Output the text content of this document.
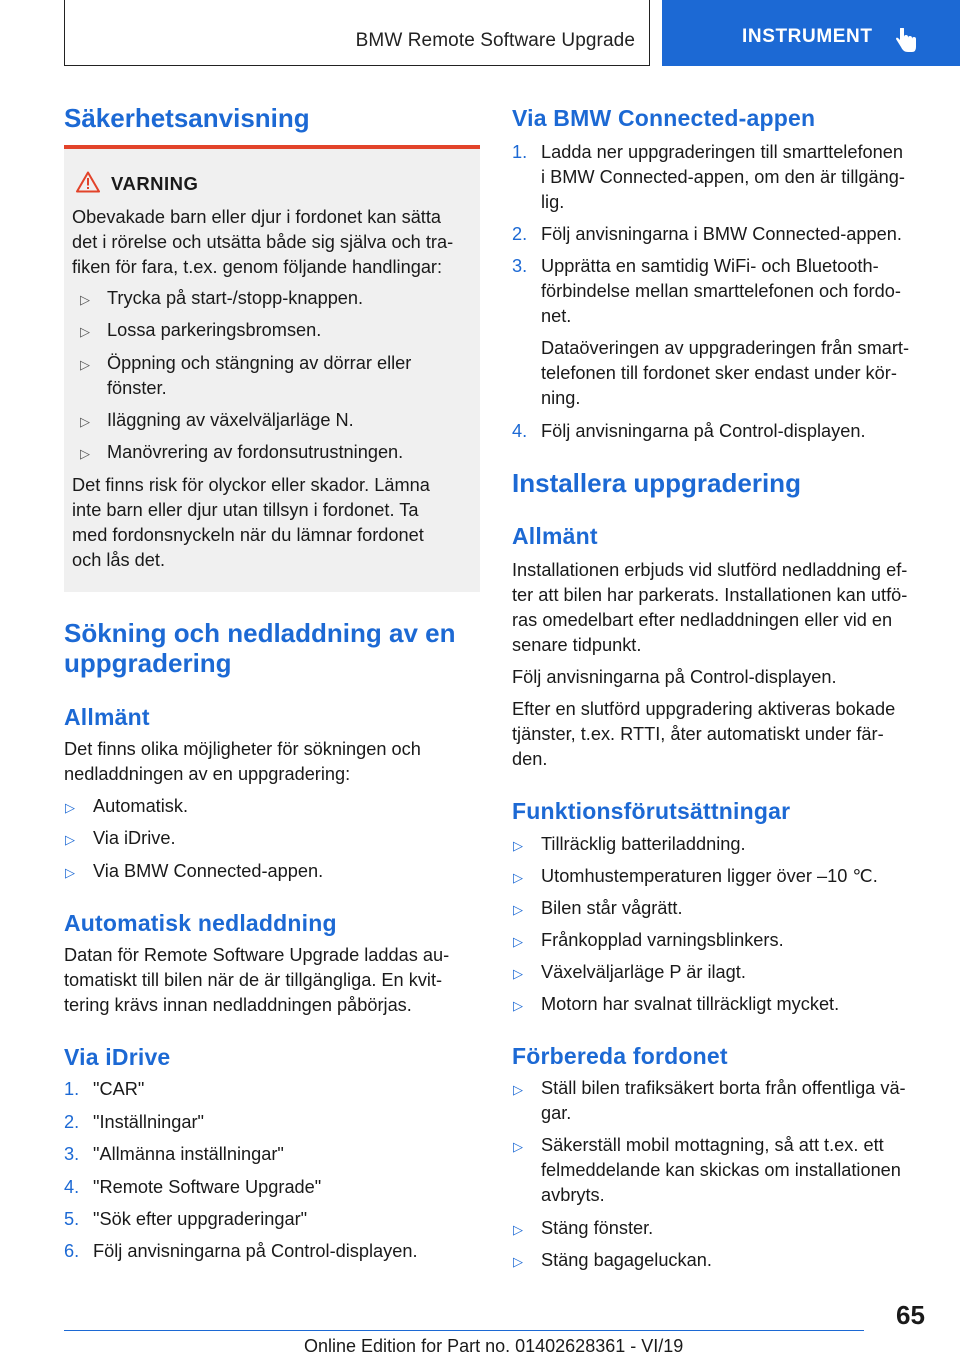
BMW Remote Software Upgrade	INSTRUMENT
Säkerhetsanvisning
VARNING
Obevakade barn eller djur i fordonet kan sätta
det i rörelse och utsätta både sig själva och tra-
fiken för fara, t.ex. genom följande handlingar:
▷ Trycka på start-/stopp-knappen.
▷ Lossa parkeringsbromsen.
▷ Öppning och stängning av dörrar eller
fönster.
▷ Iläggning av växelväljarläge N.
▷ Manövrering av fordonsutrustningen.
Det finns risk för olyckor eller skador. Lämna
inte barn eller djur utan tillsyn i fordonet. Ta
med fordonsnyckeln när du lämnar fordonet
och lås det.
Sökning och nedladdning av en
uppgradering
Allmänt
Det finns olika möjligheter för sökningen och
nedladdningen av en uppgradering:
▷ Automatisk.
▷ Via iDrive.
▷ Via BMW Connected-appen.
Automatisk nedladdning
Datan för Remote Software Upgrade laddas au-
tomatiskt till bilen när de är tillgängliga. En kvit-
tering krävs innan nedladdningen påbörjas.
Via iDrive
1. "CAR"
2. "Inställningar"
3. "Allmänna inställningar"
4. "Remote Software Upgrade"
5. "Sök efter uppgraderingar"
6. Följ anvisningarna på Control-displayen.
Via BMW Connected-appen
1. Ladda ner uppgraderingen till smarttelefonen
i BMW Connected-appen, om den är tillgäng-
lig.
2. Följ anvisningarna i BMW Connected-appen.
3. Upprätta en samtidig WiFi- och Bluetooth-
förbindelse mellan smarttelefonen och fordo-
net.
Dataöveringen av uppgraderingen från smart-
telefonen till fordonet sker endast under kör-
ning.
4. Följ anvisningarna på Control-displayen.
Installera uppgradering
Allmänt
Installationen erbjuds vid slutförd nedladdning ef-
ter att bilen har parkerats. Installationen kan utfö-
ras omedelbart efter nedladdningen eller vid en
senare tidpunkt.
Följ anvisningarna på Control-displayen.
Efter en slutförd uppgradering aktiveras bokade
tjänster, t.ex. RTTI, åter automatiskt under fär-
den.
Funktionsförutsättningar
▷ Tillräcklig batteriladdning.
▷ Utomhustemperaturen ligger över –10 ℃.
▷ Bilen står vågrätt.
▷ Frånkopplad varningsblinkers.
▷ Växelväljarläge P är ilagt.
▷ Motorn har svalnat tillräckligt mycket.
Förbereda fordonet
▷ Ställ bilen trafiksäkert borta från offentliga vä-
gar.
▷ Säkerställ mobil mottagning, så att t.ex. ett
felmeddelande kan skickas om installationen
avbryts.
▷ Stäng fönster.
▷ Stäng bagageluckan.
65
Online Edition for Part no. 01402628361 - VI/19
